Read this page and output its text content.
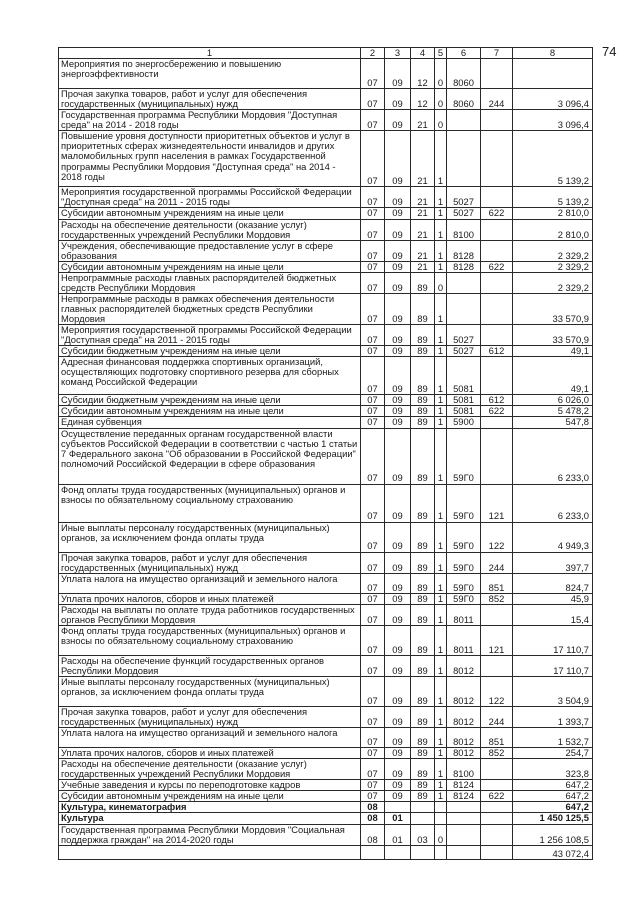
74
1	2	3	4	5	6	7	8
Мероприятия по энергосбережению и повышению энергоэффективности	07	09	12	0	8060		
Прочая закупка товаров, работ и услуг для обеспечения государственных (муниципальных) нужд	07	09	12	0	8060	244	3 096,4
Государственная программа Республики Мордовия "Доступная среда" на 2014 - 2018 годы	07	09	21	0			3 096,4
Повышение уровня доступности приоритетных объектов и услуг в приоритетных сферах жизнедеятельности инвалидов и других маломобильных групп населения в рамках Государственной программы Республики Мордовия "Доступная среда" на 2014 - 2018 годы	07	09	21	1			5 139,2
Мероприятия государственной программы Российской Федерации "Доступная среда" на 2011 - 2015 годы	07	09	21	1	5027		5 139,2
Субсидии автономным учреждениям на иные цели	07	09	21	1	5027	622	2 810,0
Расходы на обеспечение деятельности (оказание услуг) государственных учреждений Республики Мордовия	07	09	21	1	8100		2 810,0
Учреждения, обеспечивающие предоставление услуг в сфере образования	07	09	21	1	8128		2 329,2
Субсидии автономным учреждениям на иные цели	07	09	21	1	8128	622	2 329,2
Непрограммные расходы главных распорядителей бюджетных средств Республики Мордовия	07	09	89	0			2 329,2
Непрограммные расходы в рамках обеспечения деятельности главных распорядителей бюджетных средств Республики Мордовия	07	09	89	1			33 570,9
Мероприятия государственной программы Российской Федерации "Доступная среда" на 2011 - 2015 годы	07	09	89	1	5027		33 570,9
Субсидии бюджетным учреждениям на иные цели	07	09	89	1	5027	612	49,1
Адресная финансовая поддержка спортивных организаций, осуществляющих подготовку спортивного резерва для сборных команд Российской Федерации	07	09	89	1	5081		49,1
Субсидии бюджетным учреждениям на иные цели	07	09	89	1	5081	612	6 026,0
Субсидии автономным учреждениям на иные цели	07	09	89	1	5081	622	5 478,2
Единая субвенция	07	09	89	1	5900		547,8
Осуществление переданных органам государственной власти субъектов Российской Федерации в соответствии с частью 1 статьи 7 Федерального закона "Об образовании в Российской Федерации" полномочий Российской Федерации в сфере образования	07	09	89	1	59Г0		6 233,0
Фонд оплаты труда государственных (муниципальных) органов и взносы по обязательному социальному страхованию	07	09	89	1	59Г0	121	6 233,0
Иные выплаты персоналу государственных (муниципальных) органов, за исключением фонда оплаты труда	07	09	89	1	59Г0	122	4 949,3
Прочая закупка товаров, работ и услуг для обеспечения государственных (муниципальных) нужд	07	09	89	1	59Г0	244	397,7
Уплата налога на имущество организаций и земельного налога	07	09	89	1	59Г0	851	824,7
Уплата прочих налогов, сборов и иных платежей	07	09	89	1	59Г0	852	45,9
Расходы на выплаты по оплате труда работников государственных органов Республики Мордовия	07	09	89	1	8011		15,4
Фонд оплаты труда государственных (муниципальных) органов и взносы по обязательному социальному страхованию	07	09	89	1	8011	121	17 110,7
Расходы на обеспечение функций государственных органов Республики Мордовия	07	09	89	1	8012		17 110,7
Иные выплаты персоналу государственных (муниципальных) органов, за исключением фонда оплаты труда	07	09	89	1	8012	122	3 504,9
Прочая закупка товаров, работ и услуг для обеспечения государственных (муниципальных) нужд	07	09	89	1	8012	244	1 393,7
Уплата налога на имущество организаций и земельного налога	07	09	89	1	8012	851	1 532,7
Уплата прочих налогов, сборов и иных платежей	07	09	89	1	8012	852	254,7
Расходы на обеспечение деятельности (оказание услуг) государственных учреждений Республики Мордовия	07	09	89	1	8100		323,8
Учебные заведения и курсы по переподготовке кадров	07	09	89	1	8124		647,2
Субсидии автономным учреждениям на иные цели	07	09	89	1	8124	622	647,2
Культура, кинематография	08						647,2
Культура	08	01					1 450 125,5
Государственная программа Республики Мордовия "Социальная поддержка граждан" на 2014-2020 годы	08	01	03	0			1 256 108,5
							43 072,4
